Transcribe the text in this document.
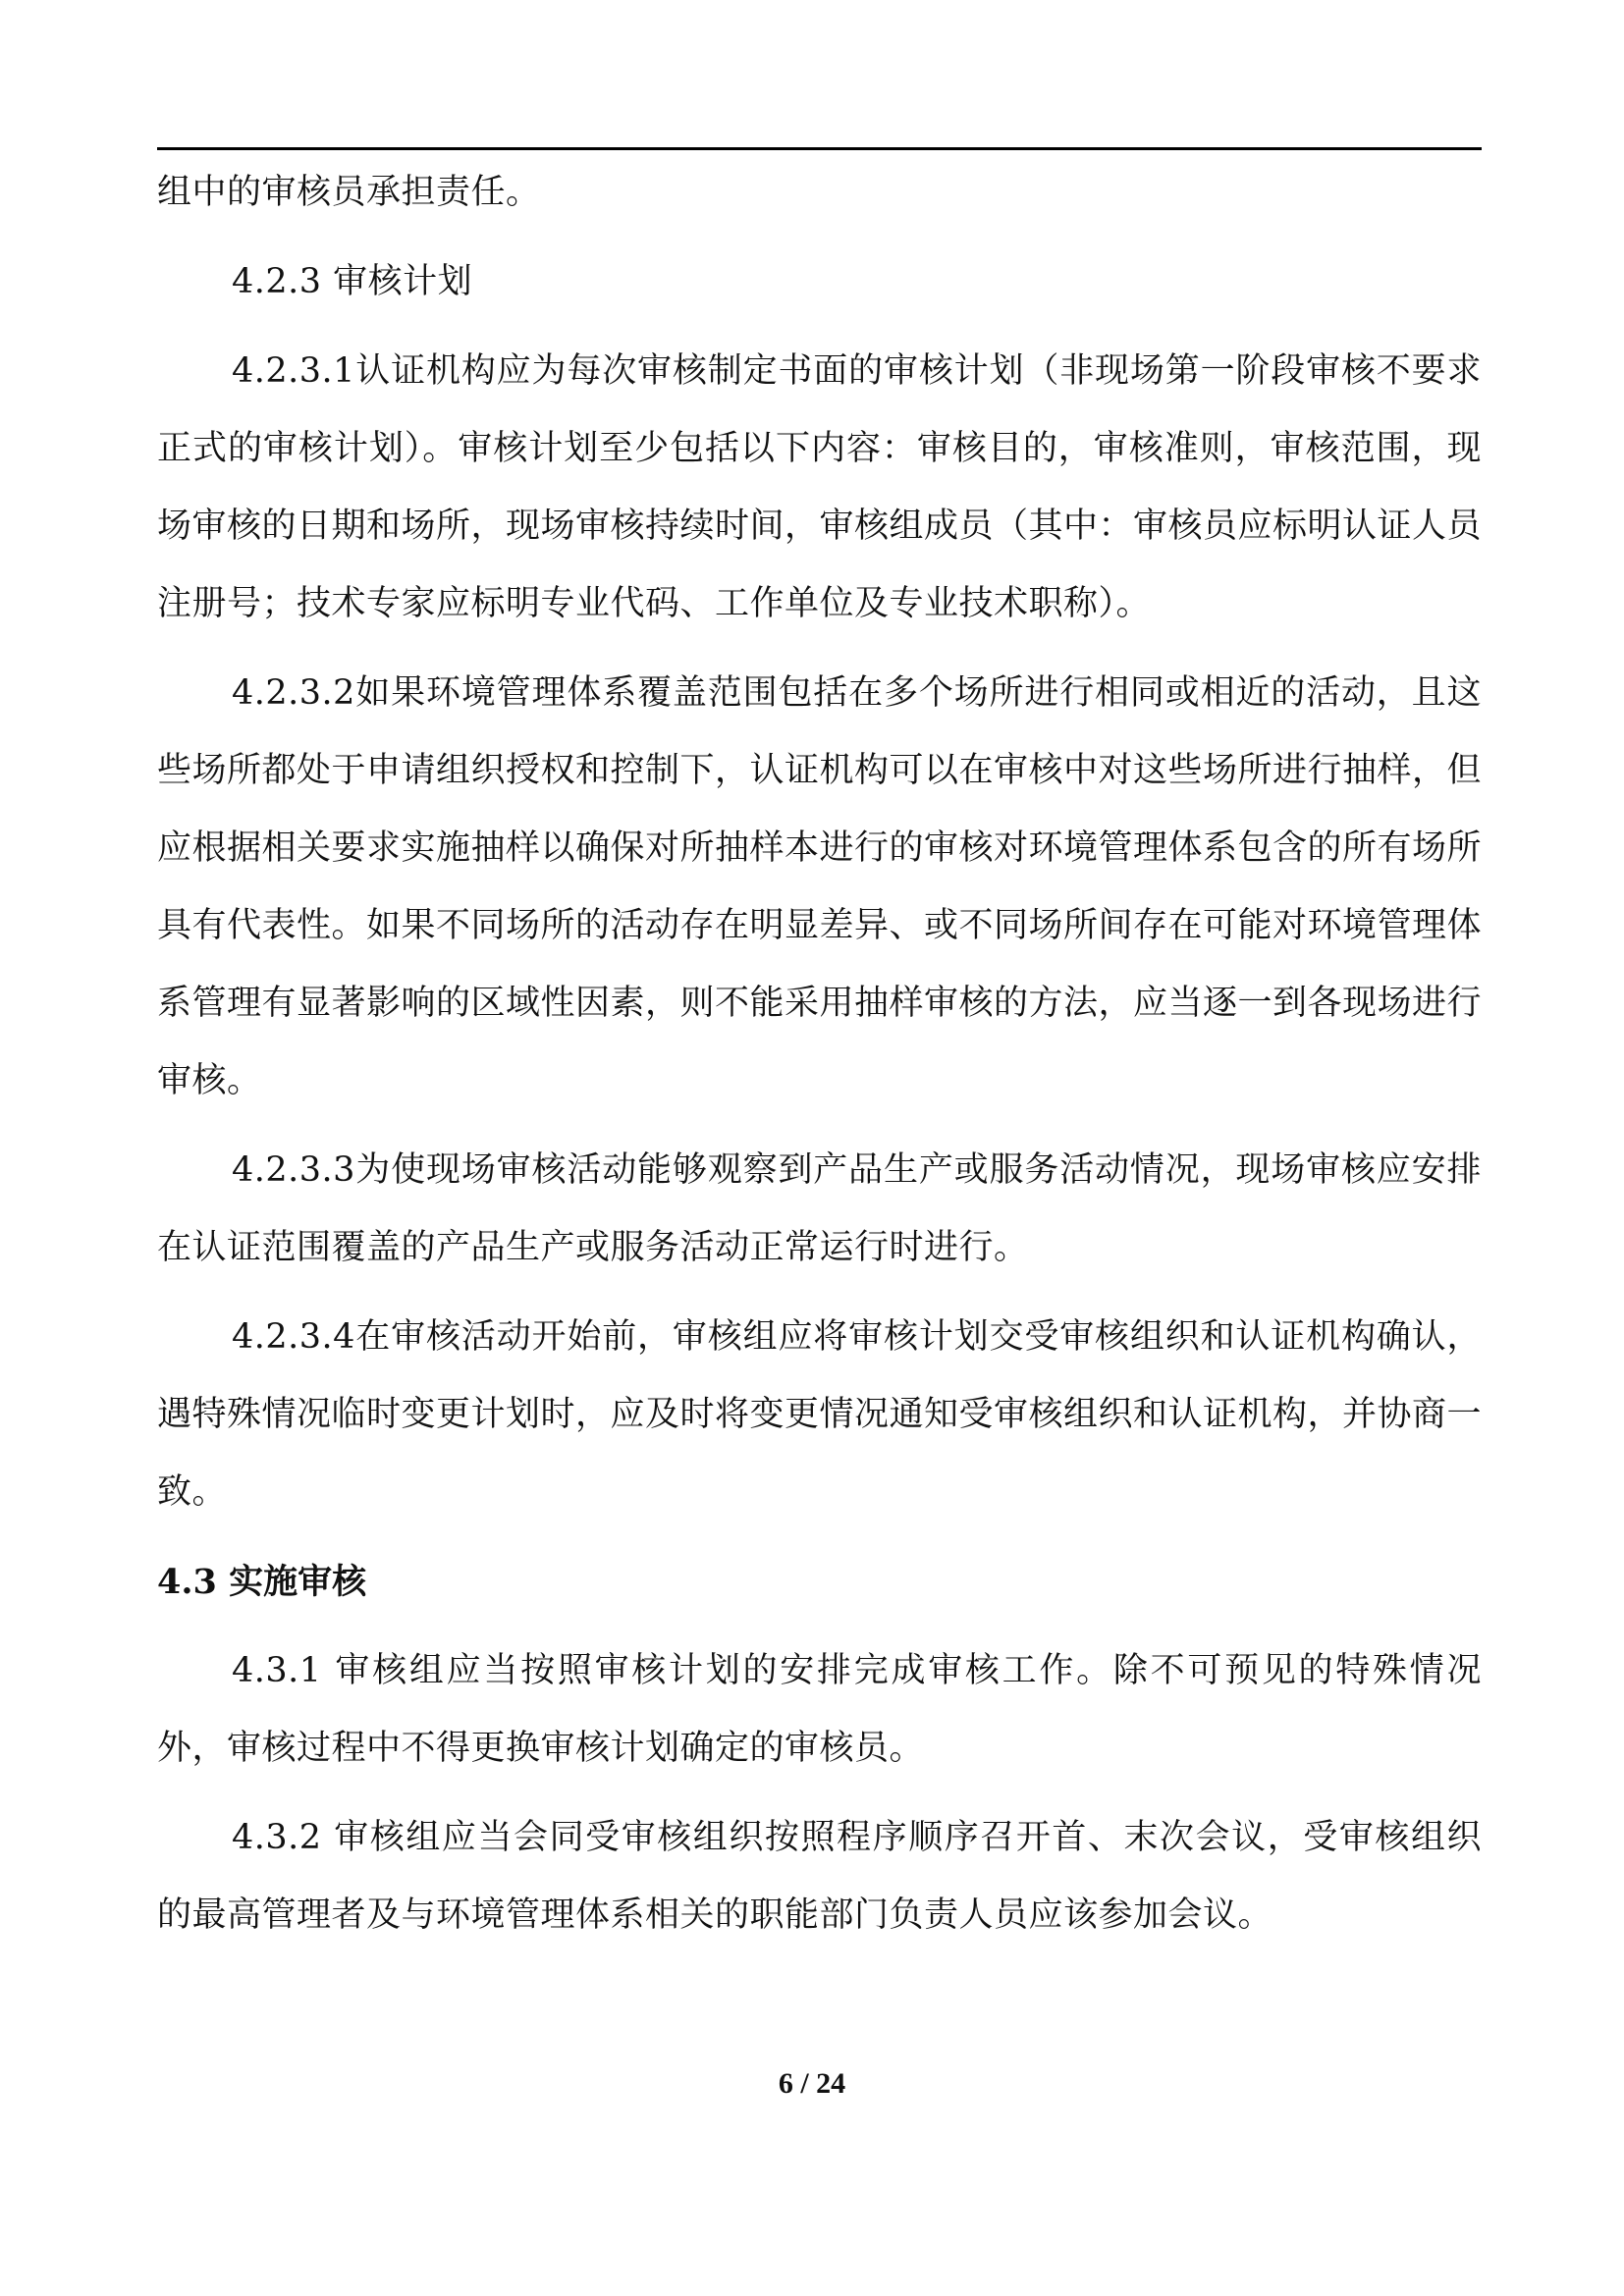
组中的审核员承担责任。

4.2.3 审核计划

4.2.3.1认证机构应为每次审核制定书面的审核计划（非现场第一阶段审核不要求正式的审核计划）。审核计划至少包括以下内容：审核目的，审核准则，审核范围，现场审核的日期和场所，现场审核持续时间，审核组成员（其中：审核员应标明认证人员注册号；技术专家应标明专业代码、工作单位及专业技术职称）。

4.2.3.2如果环境管理体系覆盖范围包括在多个场所进行相同或相近的活动，且这些场所都处于申请组织授权和控制下，认证机构可以在审核中对这些场所进行抽样，但应根据相关要求实施抽样以确保对所抽样本进行的审核对环境管理体系包含的所有场所具有代表性。如果不同场所的活动存在明显差异、或不同场所间存在可能对环境管理体系管理有显著影响的区域性因素，则不能采用抽样审核的方法，应当逐一到各现场进行审核。

4.2.3.3为使现场审核活动能够观察到产品生产或服务活动情况，现场审核应安排在认证范围覆盖的产品生产或服务活动正常运行时进行。

4.2.3.4在审核活动开始前，审核组应将审核计划交受审核组织和认证机构确认，遇特殊情况临时变更计划时，应及时将变更情况通知受审核组织和认证机构，并协商一致。

4.3 实施审核

4.3.1 审核组应当按照审核计划的安排完成审核工作。除不可预见的特殊情况外，审核过程中不得更换审核计划确定的审核员。

4.3.2 审核组应当会同受审核组织按照程序顺序召开首、末次会议，受审核组织的最高管理者及与环境管理体系相关的职能部门负责人员应该参加会议。

6 / 24
